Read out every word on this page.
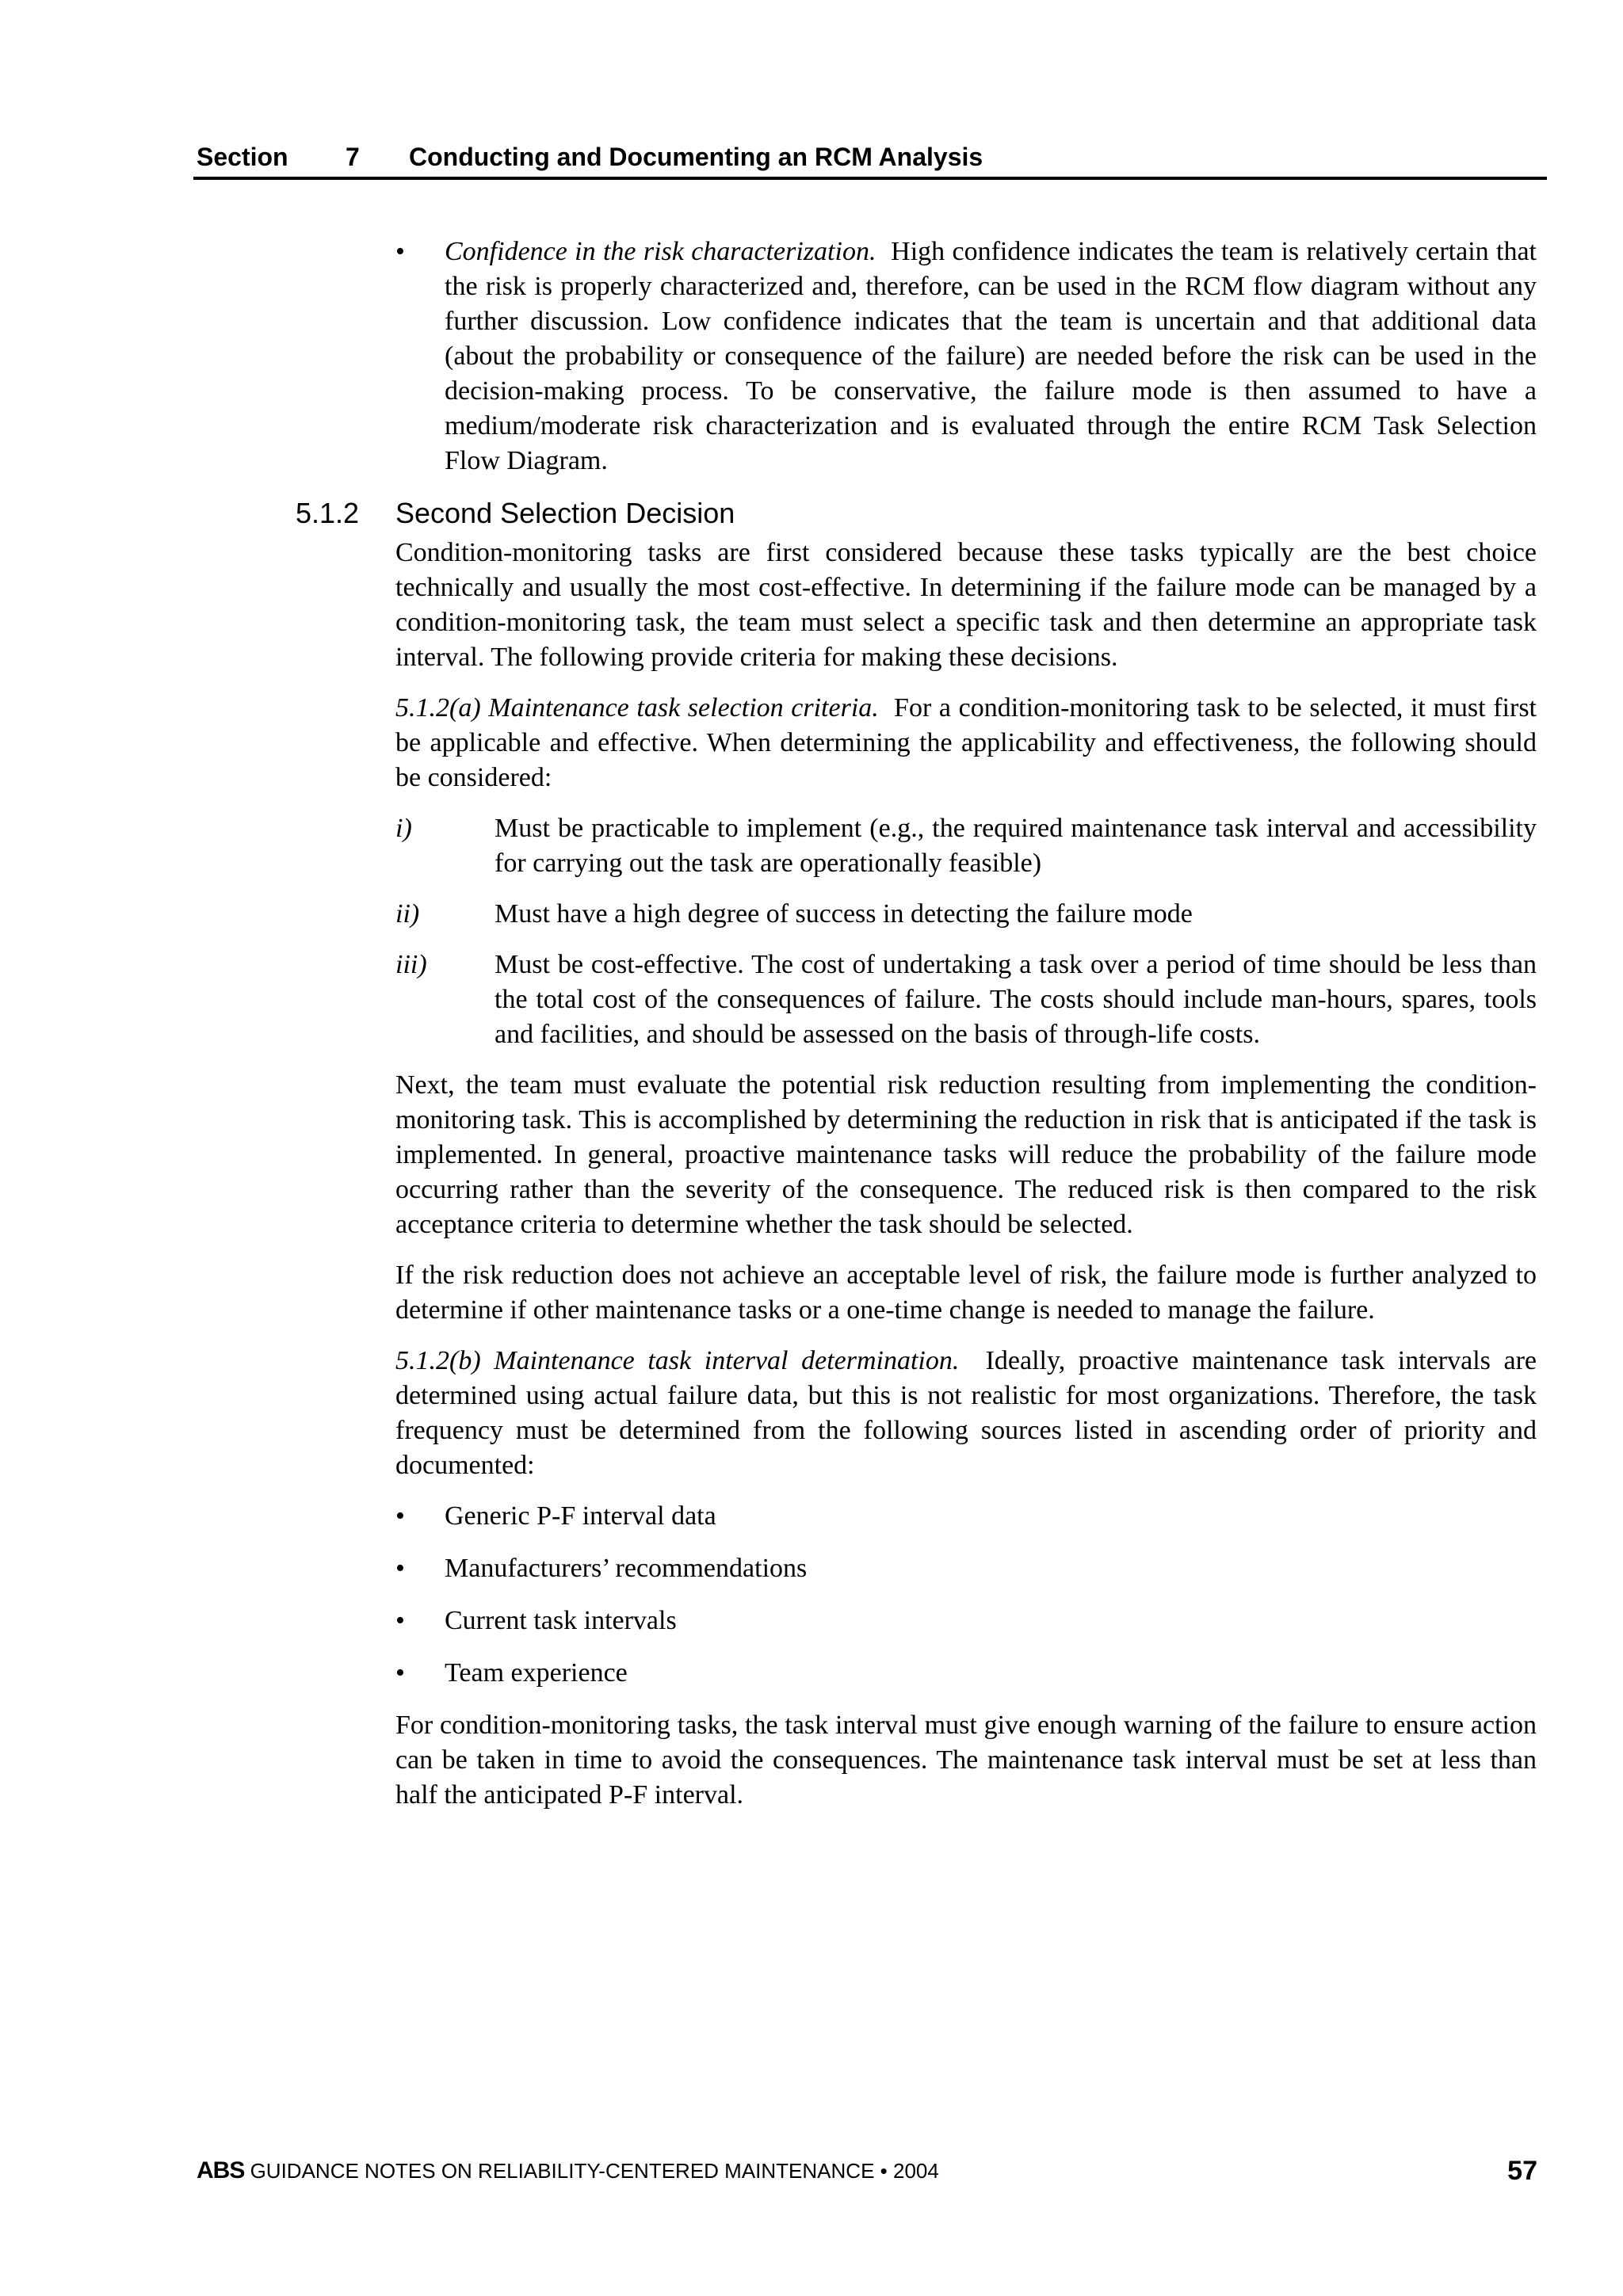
Section 7 Conducting and Documenting an RCM Analysis
• Confidence in the risk characterization. High confidence indicates the team is relatively certain that the risk is properly characterized and, therefore, can be used in the RCM flow diagram without any further discussion. Low confidence indicates that the team is uncertain and that additional data (about the probability or consequence of the failure) are needed before the risk can be used in the decision-making process. To be conservative, the failure mode is then assumed to have a medium/moderate risk characterization and is evaluated through the entire RCM Task Selection Flow Diagram.
5.1.2 Second Selection Decision

Condition-monitoring tasks are first considered because these tasks typically are the best choice technically and usually the most cost-effective. In determining if the failure mode can be managed by a condition-monitoring task, the team must select a specific task and then determine an appropriate task interval. The following provide criteria for making these decisions.

5.1.2(a) Maintenance task selection criteria. For a condition-monitoring task to be selected, it must first be applicable and effective. When determining the applicability and effectiveness, the following should be considered:

i)	Must be practicable to implement (e.g., the required maintenance task interval and accessibility for carrying out the task are operationally feasible)
ii)	Must have a high degree of success in detecting the failure mode
iii)	Must be cost-effective. The cost of undertaking a task over a period of time should be less than the total cost of the consequences of failure. The costs should include man-hours, spares, tools and facilities, and should be assessed on the basis of through-life costs.

Next, the team must evaluate the potential risk reduction resulting from implementing the condition-monitoring task. This is accomplished by determining the reduction in risk that is anticipated if the task is implemented. In general, proactive maintenance tasks will reduce the probability of the failure mode occurring rather than the severity of the consequence. The reduced risk is then compared to the risk acceptance criteria to determine whether the task should be selected.

If the risk reduction does not achieve an acceptable level of risk, the failure mode is further analyzed to determine if other maintenance tasks or a one-time change is needed to manage the failure.

5.1.2(b) Maintenance task interval determination. Ideally, proactive maintenance task intervals are determined using actual failure data, but this is not realistic for most organizations. Therefore, the task frequency must be determined from the following sources listed in ascending order of priority and documented:

• Generic P-F interval data
• Manufacturers’ recommendations
• Current task intervals
• Team experience

For condition-monitoring tasks, the task interval must give enough warning of the failure to ensure action can be taken in time to avoid the consequences. The maintenance task interval must be set at less than half the anticipated P-F interval.

ABS GUIDANCE NOTES ON RELIABILITY-CENTERED MAINTENANCE • 2004	57
